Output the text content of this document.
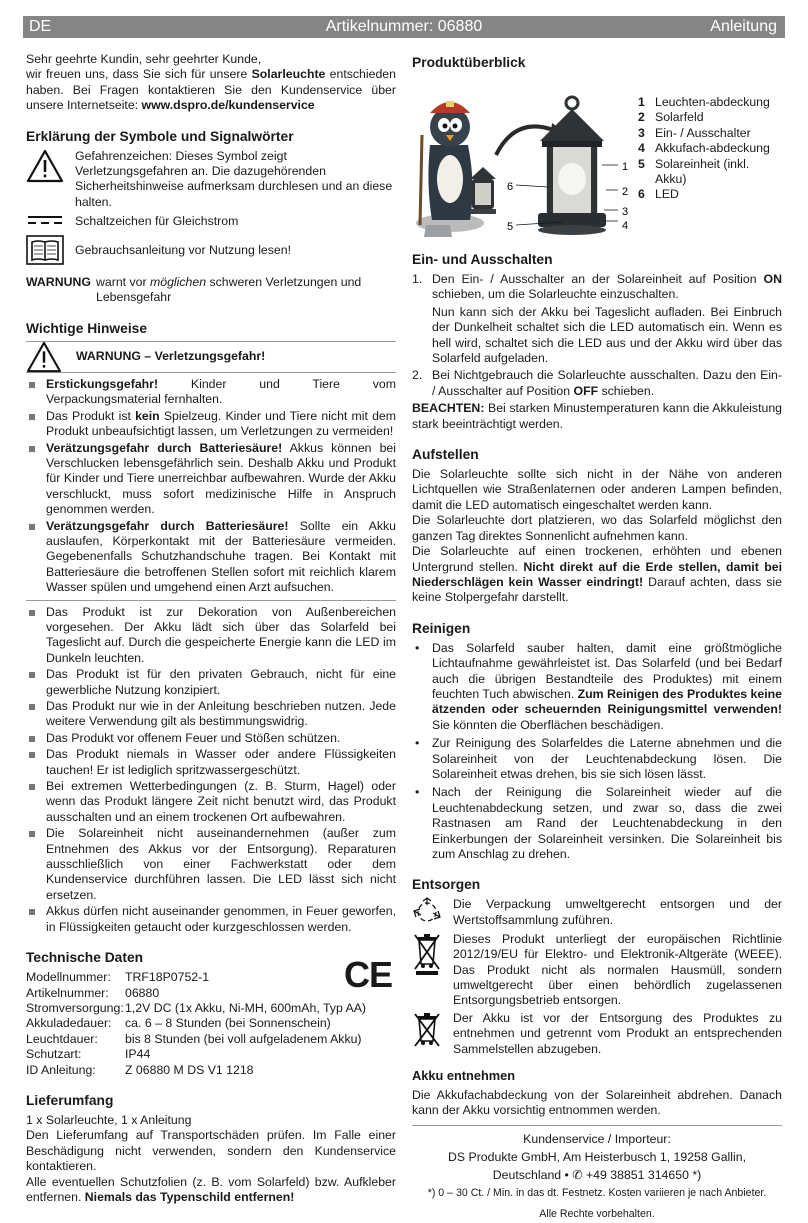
DE	Artikelnummer: 06880	Anleitung

Sehr geehrte Kundin, sehr geehrter Kunde,

wir freuen uns, dass Sie sich für unsere Solarleuchte entschieden haben. Bei Fragen kontaktieren Sie den Kundenservice über unsere Internetseite: www.dspro.de/kundenservice

Erklärung der Symbole und Signalwörter

Gefahrenzeichen: Dieses Symbol zeigt Verletzungsgefahren an. Die dazugehörenden Sicherheitshinweise aufmerksam durchlesen und an diese halten.

Schaltzeichen für Gleichstrom

Gebrauchsanleitung vor Nutzung lesen!

WARNUNG warnt vor möglichen schweren Verletzungen und Lebensgefahr

Wichtige Hinweise
WARNUNG – Verletzungsgefahr!
Erstickungsgefahr! Kinder und Tiere vom Verpackungsmaterial fernhalten.
Das Produkt ist kein Spielzeug. Kinder und Tiere nicht mit dem Produkt unbeaufsichtigt lassen, um Verletzungen zu vermeiden!
Verätzungsgefahr durch Batteriesäure! Akkus können bei Verschlucken lebensgefährlich sein. Deshalb Akku und Produkt für Kinder und Tiere unerreichbar aufbewahren. Wurde der Akku verschluckt, muss sofort medizinische Hilfe in Anspruch genommen werden.
Verätzungsgefahr durch Batteriesäure! Sollte ein Akku auslaufen, Körperkontakt mit der Batteriesäure vermeiden. Gegebenenfalls Schutzhandschuhe tragen. Bei Kontakt mit Batteriesäure die betroffenen Stellen sofort mit reichlich klarem Wasser spülen und umgehend einen Arzt aufsuchen.
Das Produkt ist zur Dekoration von Außenbereichen vorgesehen. Der Akku lädt sich über das Solarfeld bei Tageslicht auf. Durch die gespeicherte Energie kann die LED im Dunkeln leuchten.
Das Produkt ist für den privaten Gebrauch, nicht für eine gewerbliche Nutzung konzipiert.
Das Produkt nur wie in der Anleitung beschrieben nutzen. Jede weitere Verwendung gilt als bestimmungswidrig.
Das Produkt vor offenem Feuer und Stößen schützen.
Das Produkt niemals in Wasser oder andere Flüssigkeiten tauchen! Er ist lediglich spritzwassergeschützt.
Bei extremen Wetterbedingungen (z. B. Sturm, Hagel) oder wenn das Produkt längere Zeit nicht benutzt wird, das Produkt ausschalten und an einem trockenen Ort aufbewahren.
Die Solareinheit nicht auseinandernehmen (außer zum Entnehmen des Akkus vor der Entsorgung). Reparaturen ausschließlich von einer Fachwerkstatt oder dem Kundenservice durchführen lassen. Die LED lässt sich nicht ersetzen.
Akkus dürfen nicht auseinander genommen, in Feuer geworfen, in Flüssigkeiten getaucht oder kurzgeschlossen werden.
Technische Daten	CE
Modellnummer:	TRF18P0752-1
Artikelnummer:	06880
Stromversorgung: 1,2V DC (1x Akku, Ni-MH, 600mAh, Typ AA)
Akkuladedauer:	ca. 6 – 8 Stunden (bei Sonnenschein)
Leuchtdauer:	bis 8 Stunden (bei voll aufgeladenem Akku)
Schutzart:	IP44
ID Anleitung:	Z 06880 M DS V1 1218
Lieferumfang

1 x Solarleuchte, 1 x Anleitung

Den Lieferumfang auf Transportschäden prüfen. Im Falle einer Beschädigung nicht verwenden, sondern den Kundenservice kontaktieren.

Alle eventuellen Schutzfolien (z. B. vom Solarfeld) bzw. Aufkleber entfernen. Niemals das Typenschild entfernen!

Produktüberblick
1
2
3
4
6
5
1 Leuchten-abdeckung
2 Solarfeld
3 Ein- / Ausschalter
4 Akkufach-abdeckung
5 Solareinheit (inkl. Akku)
6 LED
Ein- und Ausschalten
1. Den Ein- / Ausschalter an der Solareinheit auf Position ON schieben, um die Solarleuchte einzuschalten.

Nun kann sich der Akku bei Tageslicht aufladen. Bei Einbruch der Dunkelheit schaltet sich die LED automatisch ein. Wenn es hell wird, schaltet sich die LED aus und der Akku wird über das Solarfeld aufgeladen.

2. Bei Nichtgebrauch die Solarleuchte ausschalten. Dazu den Ein- / Ausschalter auf Position OFF schieben.

BEACHTEN: Bei starken Minustemperaturen kann die Akkuleistung stark beeinträchtigt werden.

Aufstellen

Die Solarleuchte sollte sich nicht in der Nähe von anderen Lichtquellen wie Straßenlaternen oder anderen Lampen befinden, damit die LED automatisch eingeschaltet werden kann.

Die Solarleuchte dort platzieren, wo das Solarfeld möglichst den ganzen Tag direktes Sonnenlicht aufnehmen kann.

Die Solarleuchte auf einen trockenen, erhöhten und ebenen Untergrund stellen. Nicht direkt auf die Erde stellen, damit bei Niederschlägen kein Wasser eindringt! Darauf achten, dass sie keine Stolpergefahr darstellt.

Reinigen
• Das Solarfeld sauber halten, damit eine größtmögliche Lichtaufnahme gewährleistet ist. Das Solarfeld (und bei Bedarf auch die übrigen Bestandteile des Produktes) mit einem feuchten Tuch abwischen. Zum Reinigen des Produktes keine ätzenden oder scheuernden Reinigungsmittel verwenden! Sie könnten die Oberflächen beschädigen.
• Zur Reinigung des Solarfeldes die Laterne abnehmen und die Solareinheit von der Leuchtenabdeckung lösen. Die Solareinheit etwas drehen, bis sie sich lösen lässt.
• Nach der Reinigung die Solareinheit wieder auf die Leuchtenabdeckung setzen, und zwar so, dass die zwei Rastnasen am Rand der Leuchtenabdeckung in den Einkerbungen der Solareinheit versinken. Die Solareinheit bis zum Anschlag zu drehen.
Entsorgen

Die Verpackung umweltgerecht entsorgen und der Wertstoffsammlung zuführen.

Dieses Produkt unterliegt der europäischen Richtlinie 2012/19/EU für Elektro- und Elektronik-Altgeräte (WEEE). Das Produkt nicht als normalen Hausmüll, sondern umweltgerecht über einen behördlich zugelassenen Entsorgungsbetrieb entsorgen.

Der Akku ist vor der Entsorgung des Produktes zu entnehmen und getrennt vom Produkt an entsprechenden Sammelstellen abzugeben.

Akku entnehmen

Die Akkufachabdeckung von der Solareinheit abdrehen. Danach kann der Akku vorsichtig entnommen werden.

Kundenservice / Importeur:

DS Produkte GmbH, Am Heisterbusch 1, 19258 Gallin,

Deutschland • ✆ +49 38851 314650 *)

*) 0 – 30 Ct. / Min. in das dt. Festnetz. Kosten variieren je nach Anbieter.

Alle Rechte vorbehalten.
